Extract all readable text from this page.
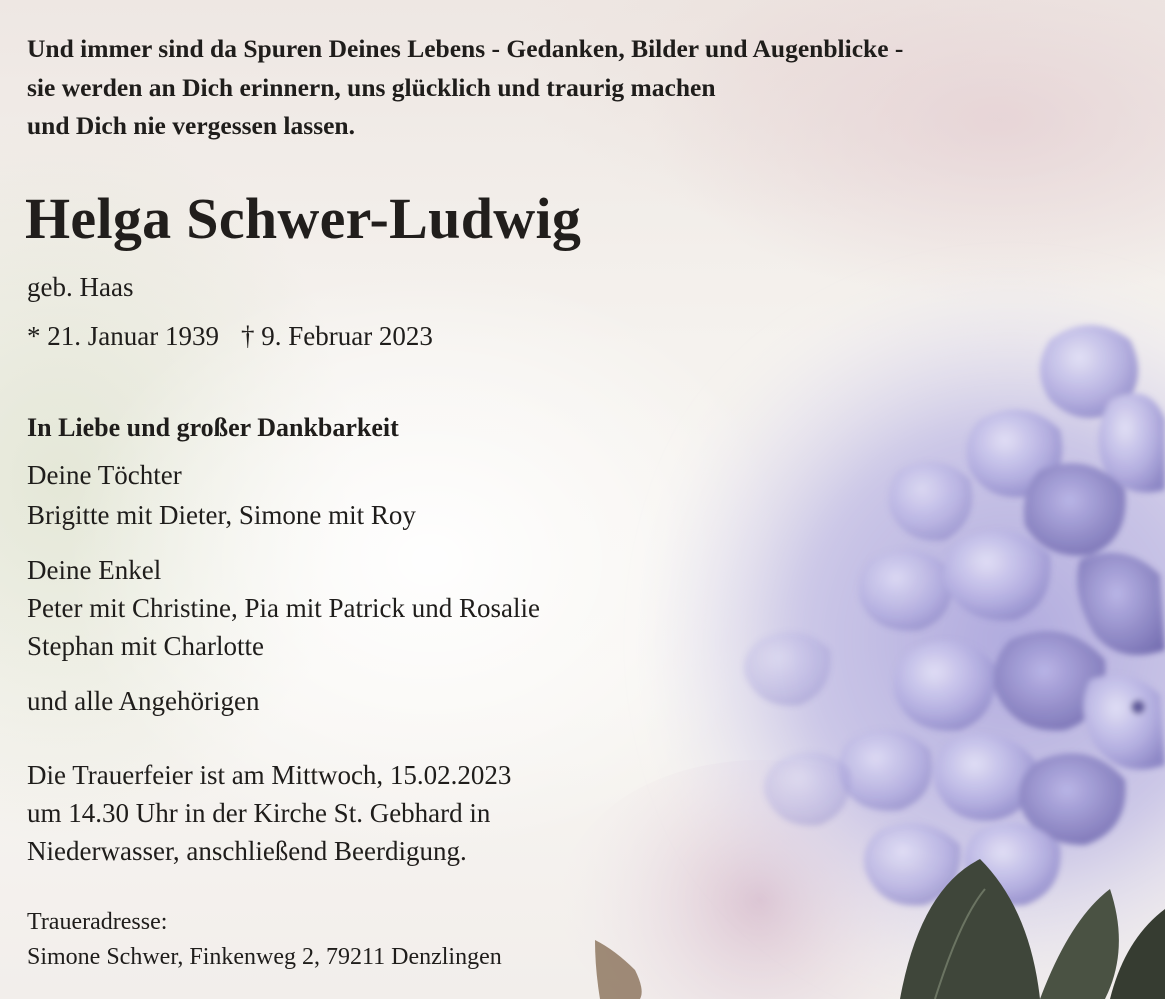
Und immer sind da Spuren Deines Lebens - Gedanken, Bilder und Augenblicke -
sie werden an Dich erinnern, uns glücklich und traurig machen
und Dich nie vergessen lassen.

Helga Schwer-Ludwig

geb. Haas

* 21. Januar 1939 † 9. Februar 2023

In Liebe und großer Dankbarkeit

Deine Töchter

Brigitte mit Dieter, Simone mit Roy

Deine Enkel

Peter mit Christine, Pia mit Patrick und Rosalie
Stephan mit Charlotte

und alle Angehörigen

Die Trauerfeier ist am Mittwoch, 15.02.2023
um 14.30 Uhr in der Kirche St. Gebhard in
Niederwasser, anschließend Beerdigung.

Traueradresse:

Simone Schwer, Finkenweg 2, 79211 Denzlingen
